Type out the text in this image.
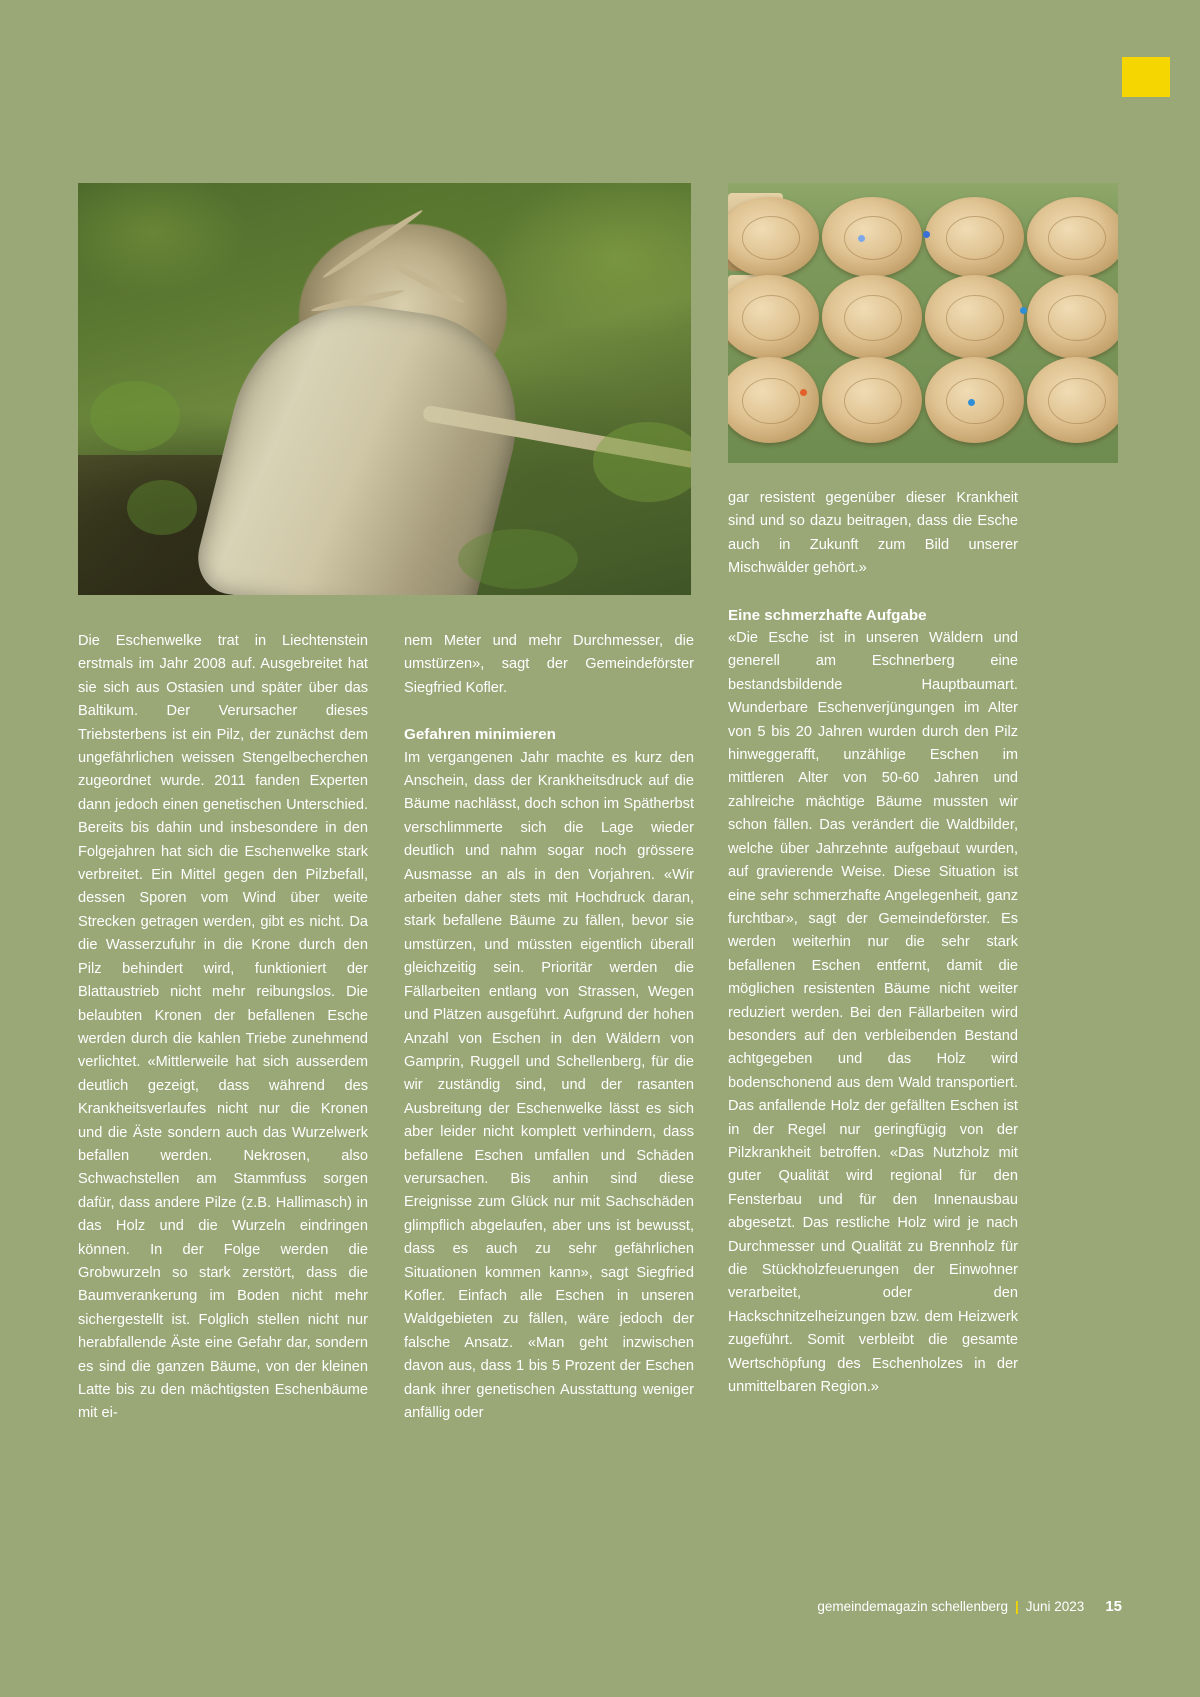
Die Eschenwelke trat in Liechtenstein erstmals im Jahr 2008 auf. Ausgebreitet hat sie sich aus Ostasien und später über das Baltikum. Der Verursacher dieses Triebsterbens ist ein Pilz, der zunächst dem ungefährlichen weissen Stengelbecherchen zugeordnet wurde. 2011 fanden Experten dann jedoch einen genetischen Unterschied. Bereits bis dahin und insbesondere in den Folgejahren hat sich die Eschenwelke stark verbreitet. Ein Mittel gegen den Pilzbefall, dessen Sporen vom Wind über weite Strecken getragen werden, gibt es nicht. Da die Wasserzufuhr in die Krone durch den Pilz behindert wird, funktioniert der Blattaustrieb nicht mehr reibungslos. Die belaubten Kronen der befallenen Esche werden durch die kahlen Triebe zunehmend verlichtet. «Mittlerweile hat sich ausserdem deutlich gezeigt, dass während des Krankheitsverlaufes nicht nur die Kronen und die Äste sondern auch das Wurzelwerk befallen werden. Nekrosen, also Schwachstellen am Stammfuss sorgen dafür, dass andere Pilze (z.B. Hallimasch) in das Holz und die Wurzeln eindringen können. In der Folge werden die Grobwurzeln so stark zerstört, dass die Baumverankerung im Boden nicht mehr sichergestellt ist. Folglich stellen nicht nur herabfallende Äste eine Gefahr dar, sondern es sind die ganzen Bäume, von der kleinen Latte bis zu den mächtigsten Eschenbäume mit ei-

nem Meter und mehr Durchmesser, die umstürzen», sagt der Gemeindeförster Siegfried Kofler.

Gefahren minimieren

Im vergangenen Jahr machte es kurz den Anschein, dass der Krankheitsdruck auf die Bäume nachlässt, doch schon im Spätherbst verschlimmerte sich die Lage wieder deutlich und nahm sogar noch grössere Ausmasse an als in den Vorjahren. «Wir arbeiten daher stets mit Hochdruck daran, stark befallene Bäume zu fällen, bevor sie umstürzen, und müssten eigentlich überall gleichzeitig sein. Prioritär werden die Fällarbeiten entlang von Strassen, Wegen und Plätzen ausgeführt. Aufgrund der hohen Anzahl von Eschen in den Wäldern von Gamprin, Ruggell und Schellenberg, für die wir zuständig sind, und der rasanten Ausbreitung der Eschenwelke lässt es sich aber leider nicht komplett verhindern, dass befallene Eschen umfallen und Schäden verursachen. Bis anhin sind diese Ereignisse zum Glück nur mit Sachschäden glimpflich abgelaufen, aber uns ist bewusst, dass es auch zu sehr gefährlichen Situationen kommen kann», sagt Siegfried Kofler. Einfach alle Eschen in unseren Waldgebieten zu fällen, wäre jedoch der falsche Ansatz. «Man geht inzwischen davon aus, dass 1 bis 5 Prozent der Eschen dank ihrer genetischen Ausstattung weniger anfällig oder

gar resistent gegenüber dieser Krankheit sind und so dazu beitragen, dass die Esche auch in Zukunft zum Bild unserer Mischwälder gehört.»

Eine schmerzhafte Aufgabe

«Die Esche ist in unseren Wäldern und generell am Eschnerberg eine bestandsbildende Hauptbaumart. Wunderbare Eschenverjüngungen im Alter von 5 bis 20 Jahren wurden durch den Pilz hinweggerafft, unzählige Eschen im mittleren Alter von 50-60 Jahren und zahlreiche mächtige Bäume mussten wir schon fällen. Das verändert die Waldbilder, welche über Jahrzehnte aufgebaut wurden, auf gravierende Weise. Diese Situation ist eine sehr schmerzhafte Angelegenheit, ganz furchtbar», sagt der Gemeindeförster. Es werden weiterhin nur die sehr stark befallenen Eschen entfernt, damit die möglichen resistenten Bäume nicht weiter reduziert werden. Bei den Fällarbeiten wird besonders auf den verbleibenden Bestand achtgegeben und das Holz wird bodenschonend aus dem Wald transportiert. Das anfallende Holz der gefällten Eschen ist in der Regel nur geringfügig von der Pilzkrankheit betroffen. «Das Nutzholz mit guter Qualität wird regional für den Fensterbau und für den Innenausbau abgesetzt. Das restliche Holz wird je nach Durchmesser und Qualität zu Brennholz für die Stückholzfeuerungen der Einwohner verarbeitet, oder den Hackschnitzelheizungen bzw. dem Heizwerk zugeführt. Somit verbleibt die gesamte Wertschöpfung des Eschenholzes in der unmittelbaren Region.»

gemeindemagazin schellenberg | Juni 2023 15
